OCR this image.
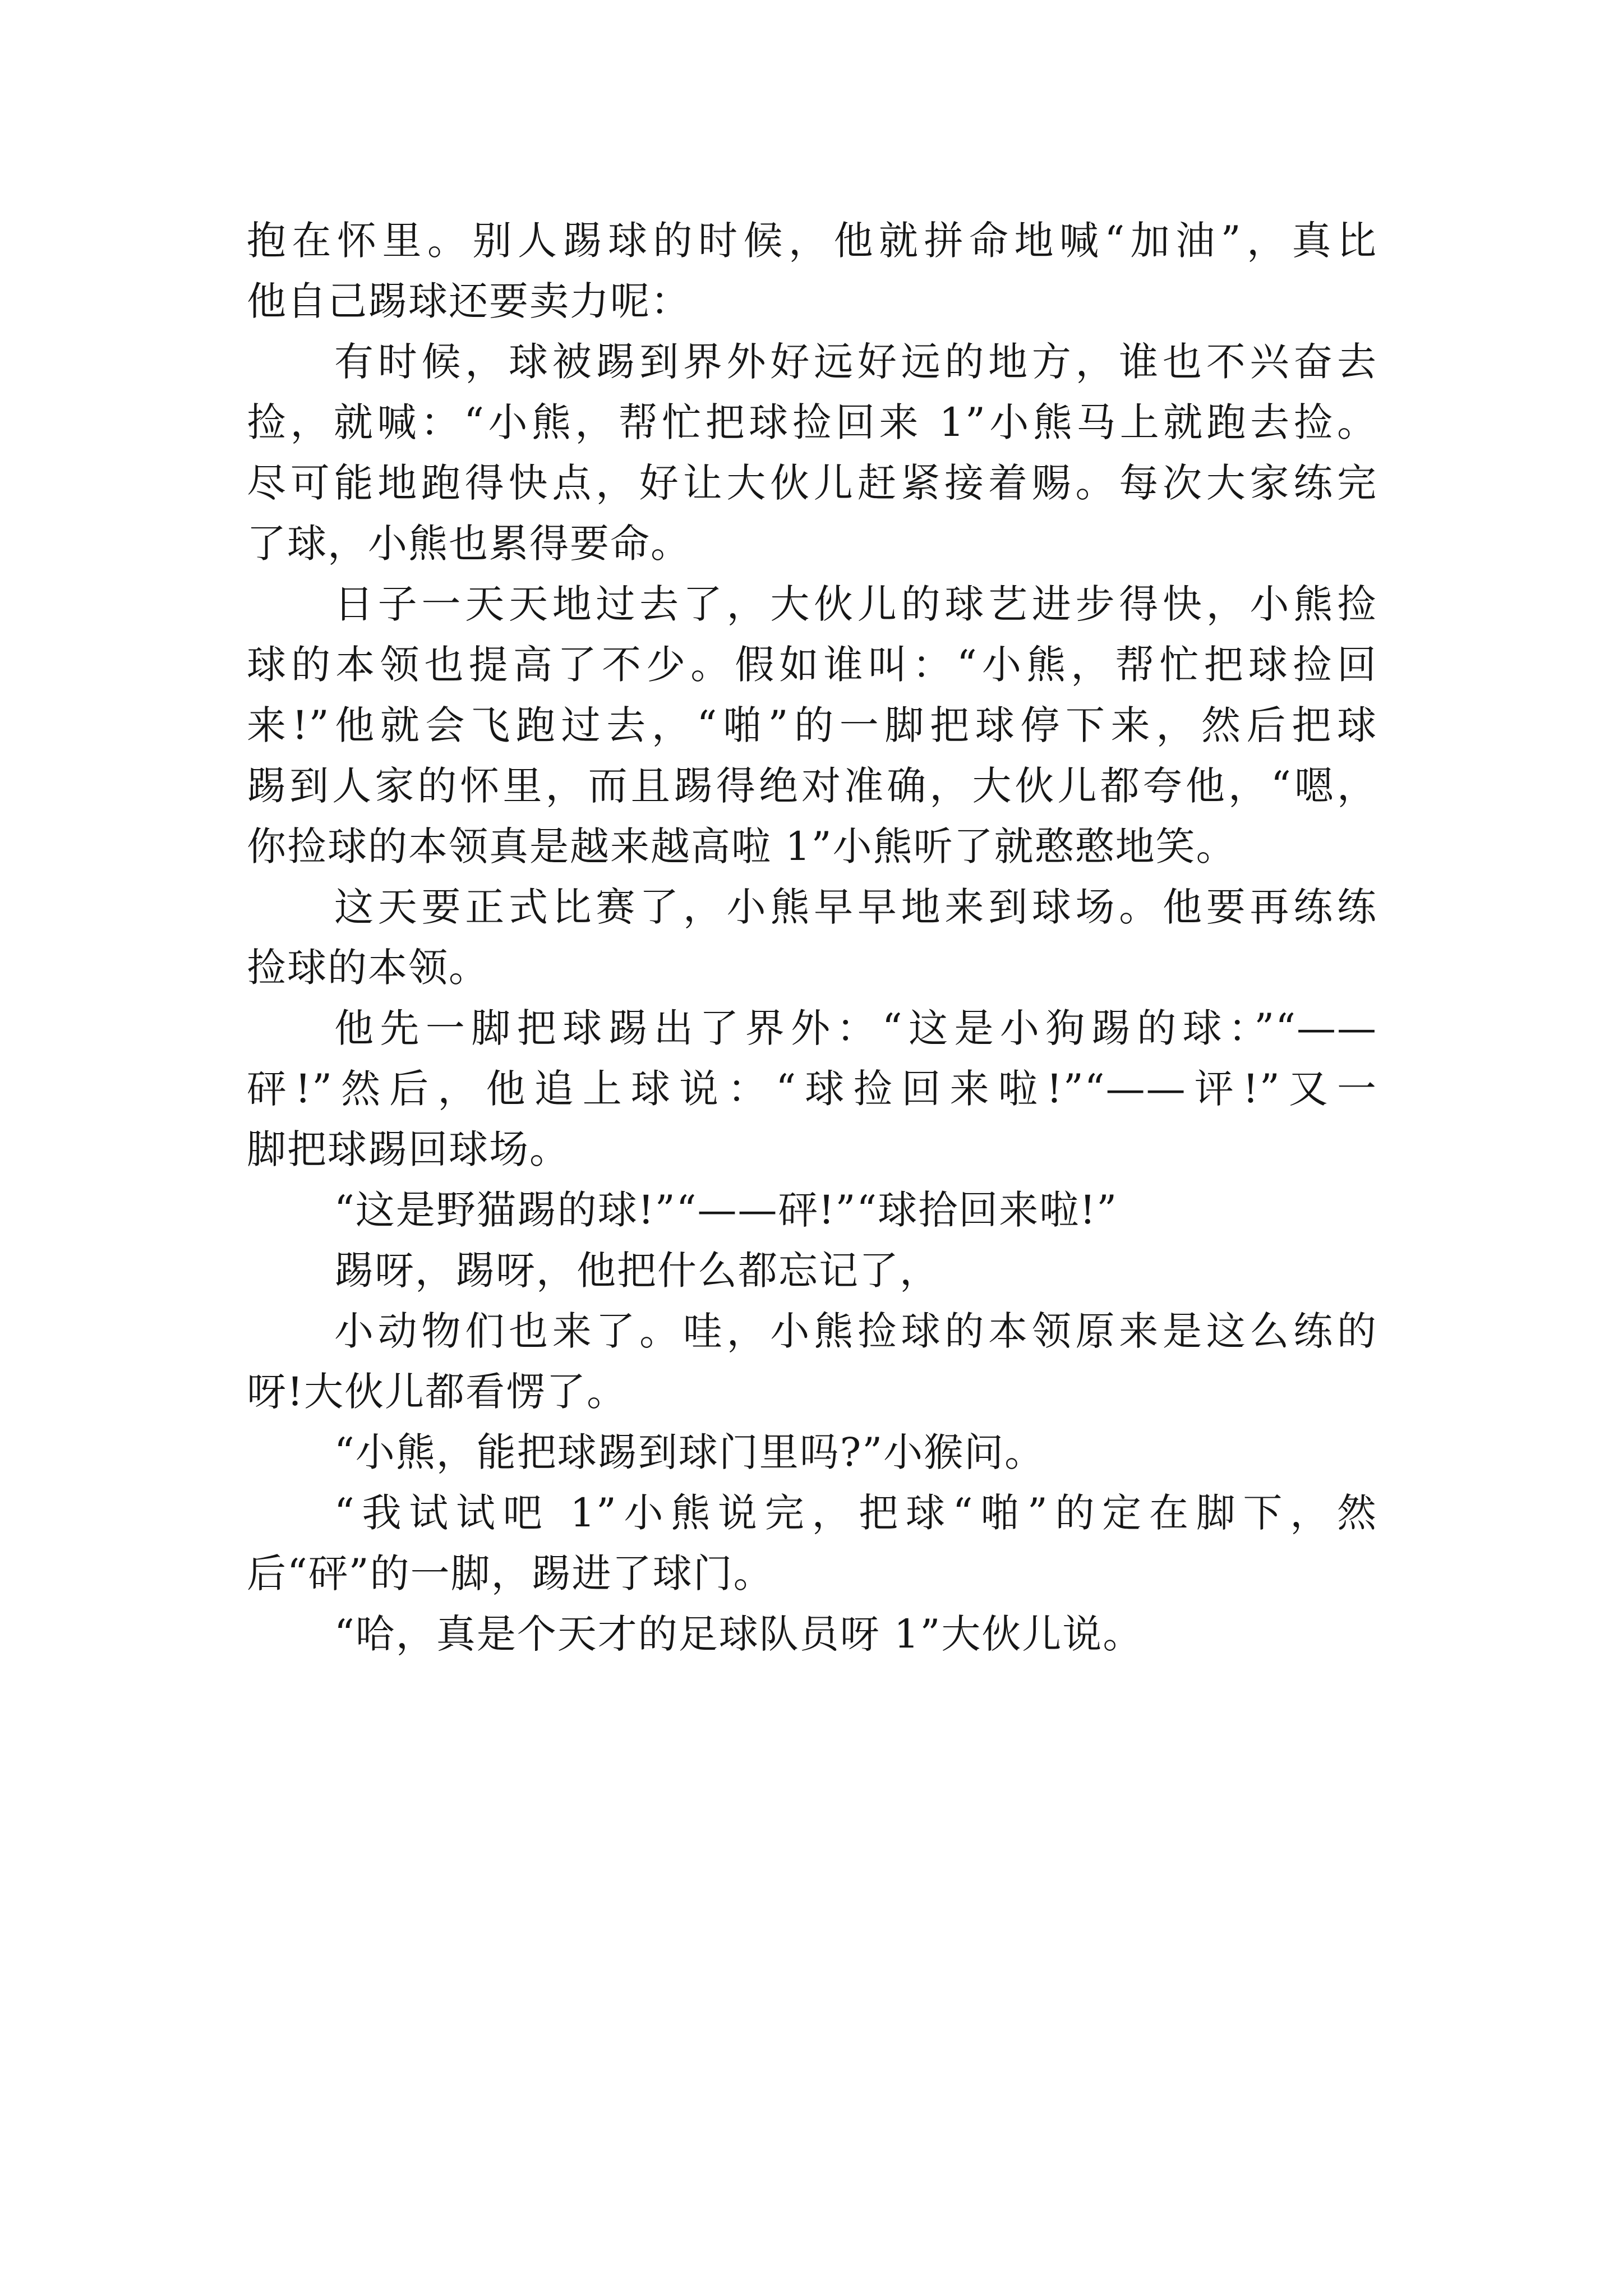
抱在怀里。别人踢球的时候，他就拼命地喊“加油”，真比
他自己踢球还要卖力呢：
有时候，球被踢到界外好远好远的地方，谁也不兴奋去
捡，就喊：“小熊，帮忙把球捡回来 1”小熊马上就跑去捡。
尽可能地跑得快点，好让大伙儿赶紧接着赐。每次大家练完
了球，小熊也累得要命。
日子一天天地过去了，大伙儿的球艺进步得快，小熊捡
球的本领也提高了不少。假如谁叫：“小熊，帮忙把球捡回
来!”他就会飞跑过去，“啪”的一脚把球停下来，然后把球
踢到人家的怀里，而且踢得绝对准确，大伙儿都夸他，“嗯，
你捡球的本领真是越来越高啦 1”小熊听了就憨憨地笑。
这天要正式比赛了，小熊早早地来到球场。他要再练练
捡球的本领。
他先一脚把球踢出了界外：“这是小狗踢的球：”“——
砰!”然后，他追上球说：“球捡回来啦!”“——评!”又一
脚把球踢回球场。
“这是野猫踢的球!”“——砰!”“球拾回来啦!”
踢呀，踢呀，他把什么都忘记了，
小动物们也来了。哇，小熊捡球的本领原来是这么练的
呀!大伙儿都看愣了。
“小熊，能把球踢到球门里吗?”小猴问。
“我试试吧 1”小熊说完，把球“啪”的定在脚下，然
后“砰”的一脚，踢进了球门。
“哈，真是个天才的足球队员呀 1”大伙儿说。
